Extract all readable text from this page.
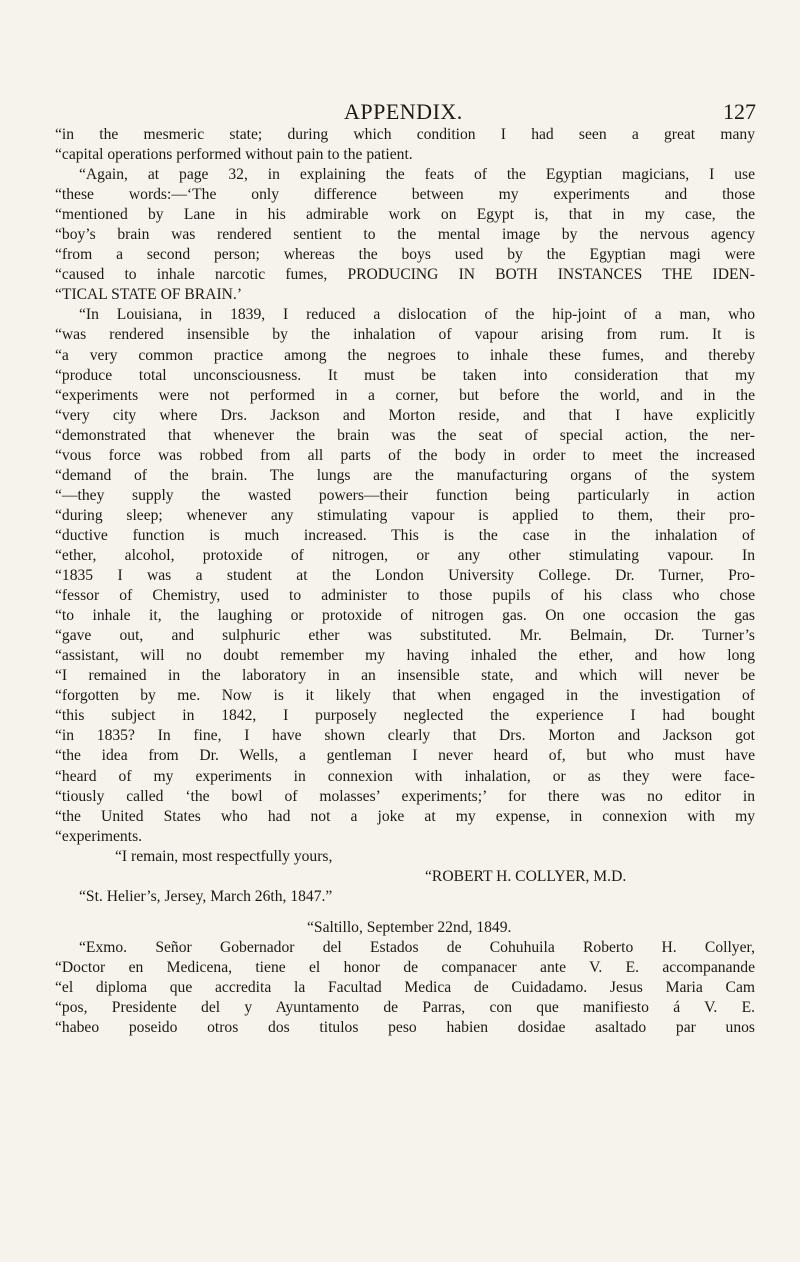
APPENDIX.	127
“in the mesmeric state; during which condition I had seen a great many
“capital operations performed without pain to the patient.
“Again, at page 32, in explaining the feats of the Egyptian magicians, I use
“these words:—‘The only difference between my experiments and those
“mentioned by Lane in his admirable work on Egypt is, that in my case, the
“boy’s brain was rendered sentient to the mental image by the nervous agency
“from a second person; whereas the boys used by the Egyptian magi were
“caused to inhale narcotic fumes, PRODUCING IN BOTH INSTANCES THE IDEN-
“TICAL STATE OF BRAIN.’
“In Louisiana, in 1839, I reduced a dislocation of the hip-joint of a man, who
“was rendered insensible by the inhalation of vapour arising from rum. It is
“a very common practice among the negroes to inhale these fumes, and thereby
“produce total unconsciousness. It must be taken into consideration that my
“experiments were not performed in a corner, but before the world, and in the
“very city where Drs. Jackson and Morton reside, and that I have explicitly
“demonstrated that whenever the brain was the seat of special action, the ner-
“vous force was robbed from all parts of the body in order to meet the increased
“demand of the brain. The lungs are the manufacturing organs of the system
“—they supply the wasted powers—their function being particularly in action
“during sleep; whenever any stimulating vapour is applied to them, their pro-
“ductive function is much increased. This is the case in the inhalation of
“ether, alcohol, protoxide of nitrogen, or any other stimulating vapour. In
“1835 I was a student at the London University College. Dr. Turner, Pro-
“fessor of Chemistry, used to administer to those pupils of his class who chose
“to inhale it, the laughing or protoxide of nitrogen gas. On one occasion the gas
“gave out, and sulphuric ether was substituted. Mr. Belmain, Dr. Turner’s
“assistant, will no doubt remember my having inhaled the ether, and how long
“I remained in the laboratory in an insensible state, and which will never be
“forgotten by me. Now is it likely that when engaged in the investigation of
“this subject in 1842, I purposely neglected the experience I had bought
“in 1835? In fine, I have shown clearly that Drs. Morton and Jackson got
“the idea from Dr. Wells, a gentleman I never heard of, but who must have
“heard of my experiments in connexion with inhalation, or as they were face-
“tiously called ‘the bowl of molasses’ experiments;’ for there was no editor in
“the United States who had not a joke at my expense, in connexion with my
“experiments.
“I remain, most respectfully yours,
“ROBERT H. COLLYER, M.D.
“St. Helier’s, Jersey, March 26th, 1847.”
“Saltillo, September 22nd, 1849.
“Exmo. Señor Gobernador del Estados de Cohuhuila Roberto H. Collyer,
“Doctor en Medicena, tiene el honor de companacer ante V. E. accompanande
“el diploma que accredita la Facultad Medica de Cuidadamo. Jesus Maria Cam
“pos, Presidente del y Ayuntamento de Parras, con que manifiesto á V. E.
“habeo poseido otros dos titulos peso habien dosidae asaltado par unos
